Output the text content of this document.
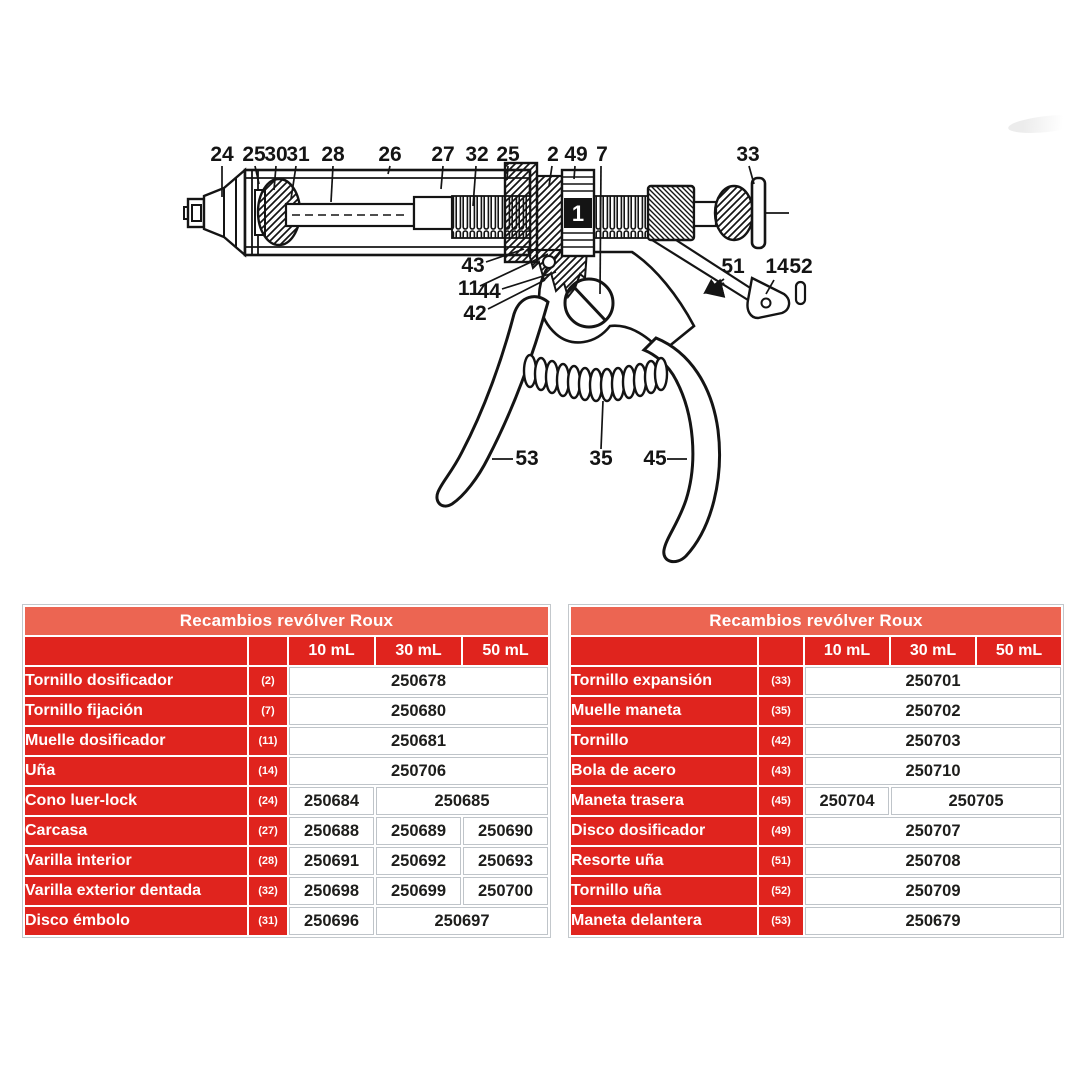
1
24 25
30
31 28 26 27 32 25 2 49 7	33
43
11
44
42
51 14 52
53 35 45
Recambios revólver Roux				
		10 mL	30 mL	50 mL
Tornillo dosificador	(2)	250678		
Tornillo fijación	(7)	250680		
Muelle dosificador	(11)	250681		
Uña	(14)	250706		
Cono luer-lock	(24)	250684	250685	
Carcasa	(27)	250688	250689	250690
Varilla interior	(28)	250691	250692	250693
Varilla exterior dentada	(32)	250698	250699	250700
Disco émbolo	(31)	250696	250697	
Recambios revólver Roux				
		10 mL	30 mL	50 mL
Tornillo expansión	(33)	250701		
Muelle maneta	(35)	250702		
Tornillo	(42)	250703		
Bola de acero	(43)	250710		
Maneta trasera	(45)	250704	250705	
Disco dosificador	(49)	250707		
Resorte uña	(51)	250708		
Tornillo uña	(52)	250709		
Maneta delantera	(53)	250679		
